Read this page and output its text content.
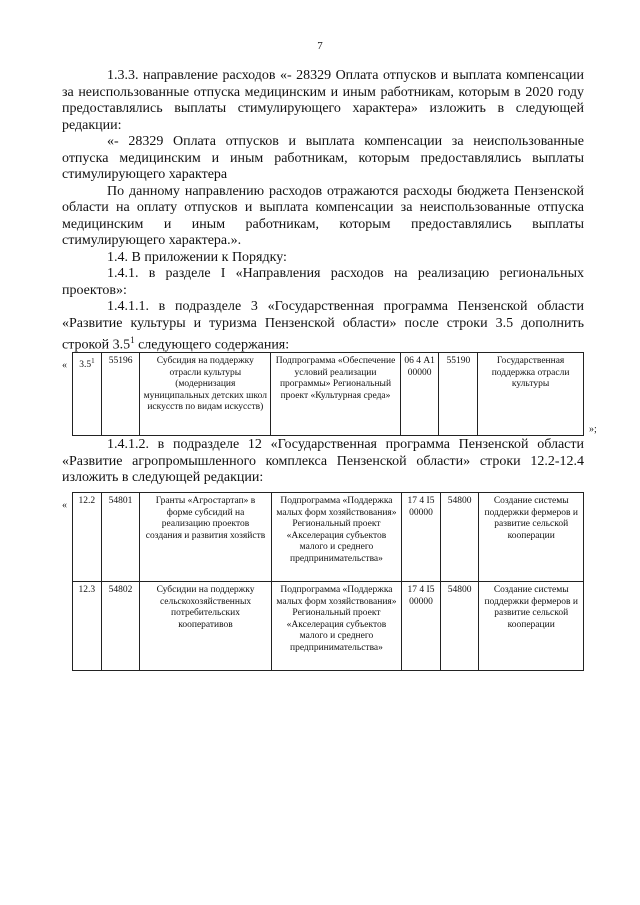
7

1.3.3. направление расходов «- 28329 Оплата отпусков и выплата компенсации за неиспользованные отпуска медицинским и иным работникам, которым в 2020 году предоставлялись выплаты стимулирующего характера» изложить в следующей редакции:

«- 28329 Оплата отпусков и выплата компенсации за неиспользованные отпуска медицинским и иным работникам, которым предоставлялись выплаты стимулирующего характера

По данному направлению расходов отражаются расходы бюджета Пензенской области на оплату отпусков и выплата компенсации за неиспользованные отпуска медицинским и иным работникам, которым предоставлялись выплаты стимулирующего характера.».

1.4. В приложении к Порядку:

1.4.1. в разделе I «Направления расходов на реализацию региональных проектов»:

1.4.1.1. в подразделе 3 «Государственная программа Пензенской области «Развитие культуры и туризма Пензенской области» после строки 3.5 дополнить строкой $3.5^1$ следующего содержания:

« $3.5^1$	55196	Субсидия на поддержку отрасли культуры (модернизация муниципальных детских школ искусств по видам искусств)	Подпрограмма «Обеспечение условий реализации программы» Региональный проект «Культурная среда»	06 4 А1 00000	55190	Государственная поддержка отрасли культуры
»;

1.4.1.2. в подразделе 12 «Государственная программа Пензенской области «Развитие агропромышленного комплекса Пензенской области» строки 12.2-12.4 изложить в следующей редакции:

« 12.2	54801	Гранты «Агростартап» в форме субсидий на реализацию проектов создания и развития хозяйств	Подпрограмма «Поддержка малых форм хозяйствования» Региональный проект «Акселерация субъектов малого и среднего предпринимательства»	17 4 I5 00000	54800	Создание системы поддержки фермеров и развитие сельской кооперации
12.3	54802	Субсидии на поддержку сельскохозяйственных потребительских кооперативов	Подпрограмма «Поддержка малых форм хозяйствования» Региональный проект «Акселерация субъектов малого и среднего предпринимательства»	17 4 I5 00000	54800	Создание системы поддержки фермеров и развитие сельской кооперации
